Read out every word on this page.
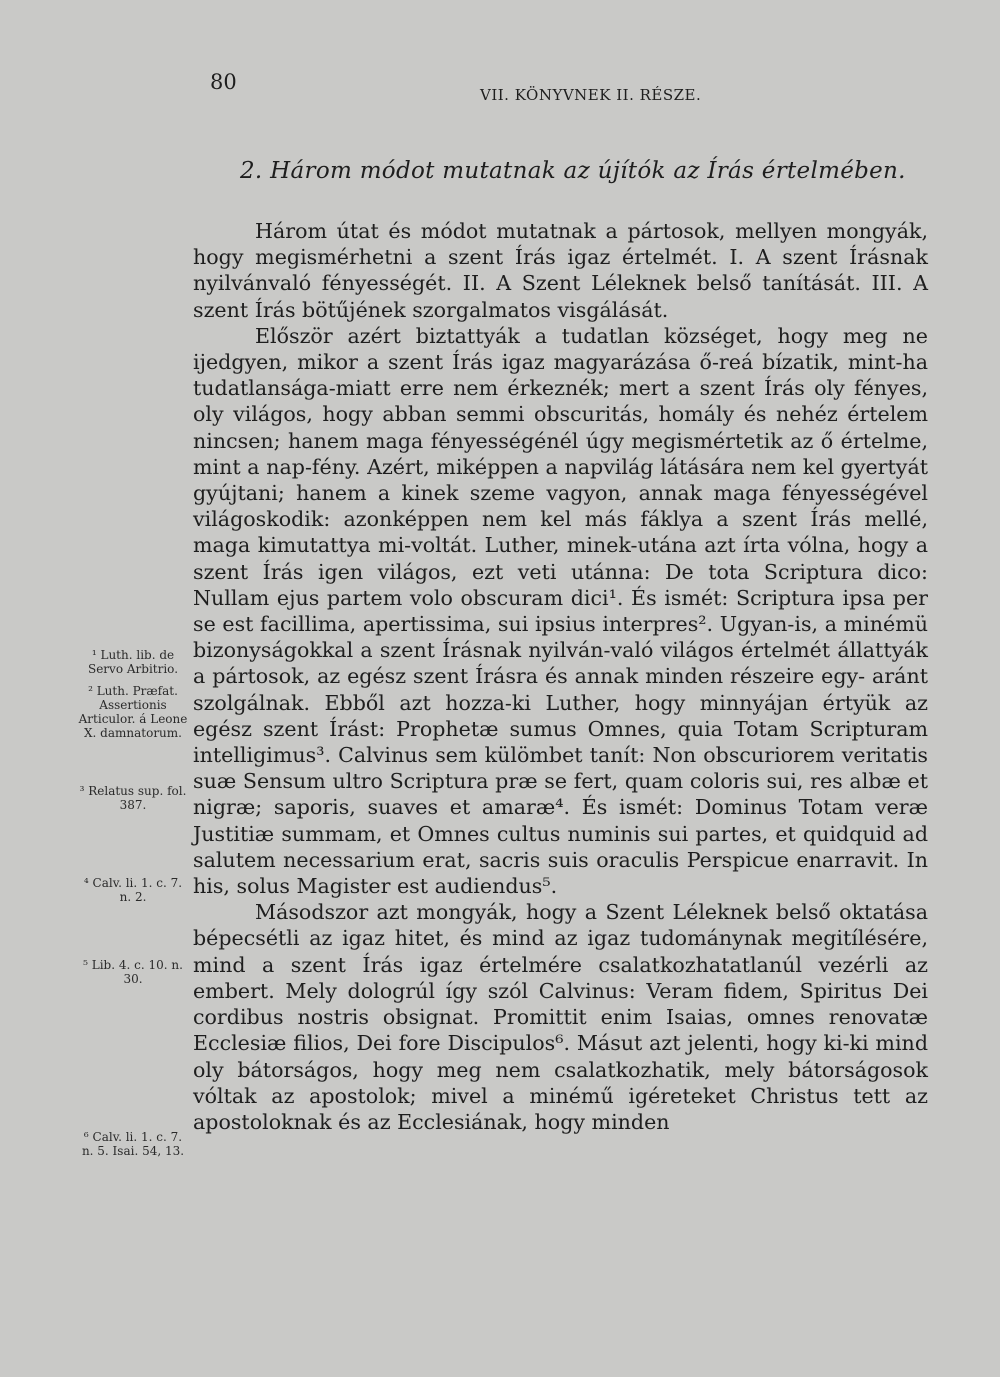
80
VII. KÖNYVNEK II. RÉSZE.
2. Három módot mutatnak az újítók az Írás értelmében.

Három útat és módot mutatnak a pártosok, mellyen mongyák, hogy megismérhetni a szent Írás igaz értelmét. I. A szent Írásnak nyilvánvaló fényességét. II. A Szent Léleknek belső tanítását. III. A szent Írás bötűjének szorgalmatos visgálását.

Először azért biztattyák a tudatlan községet, hogy meg ne ijedgyen, mikor a szent Írás igaz magyarázása ő-reá bízatik, mint-ha tudatlansága-miatt erre nem érkeznék; mert a szent Írás oly fényes, oly világos, hogy abban semmi obscuritás, homály és nehéz értelem nincsen; hanem maga fényességénél úgy megismértetik az ő értelme, mint a nap-fény. Azért, miképpen a napvilág látására nem kel gyertyát gyújtani; hanem a kinek szeme vagyon, annak maga fényességével világoskodik: azonképpen nem kel más fáklya a szent Írás mellé, maga kimutattya mi-voltát. Luther, minek-utána azt írta vólna, hogy a szent Írás igen világos, ezt veti utánna: De tota Scriptura dico: Nullam ejus partem volo obscuram dici¹. És ismét: Scriptura ipsa per se est facillima, apertissima, sui ipsius interpres². Ugyan-is, a minémü bizonyságokkal a szent Írásnak nyilván-való világos értelmét állattyák a pártosok, az egész szent Írásra és annak minden részeire egy- aránt szolgálnak. Ebből azt hozza-ki Luther, hogy minnyájan értyük az egész szent Írást: Prophetæ sumus Omnes, quia Totam Scripturam intelligimus³. Calvinus sem külömbet tanít: Non obscuriorem veritatis suæ Sensum ultro Scriptura præ se fert, quam coloris sui, res albæ et nigræ; saporis, suaves et amaræ⁴. És ismét: Dominus Totam veræ Justitiæ summam, et Omnes cultus numinis sui partes, et quidquid ad salutem necessarium erat, sacris suis oraculis Perspicue enarravit. In his, solus Magister est audiendus⁵.

Másodszor azt mongyák, hogy a Szent Léleknek belső oktatása bépecsétli az igaz hitet, és mind az igaz tudománynak megitílésére, mind a szent Írás igaz értelmére csalatkozhatatlanúl vezérli az embert. Mely dologrúl így szól Calvinus: Veram fidem, Spiritus Dei cordibus nostris obsignat. Promittit enim Isaias, omnes renovatæ Ecclesiæ filios, Dei fore Discipulos⁶. Másut azt jelenti, hogy ki-ki mind oly bátorságos, hogy meg nem csalatkozhatik, mely bátorságosok vóltak az apostolok; mivel a minémű igéreteket Christus tett az apostoloknak és az Ecclesiának, hogy minden

¹ Luth. lib. de Servo Arbitrio.
² Luth. Præfat. Assertionis Articulor. á Leone X. damnatorum.
³ Relatus sup. fol. 387.
⁴ Calv. li. 1. c. 7. n. 2.
⁵ Lib. 4. c. 10. n. 30.
⁶ Calv. li. 1. c. 7. n. 5. Isai. 54, 13.
